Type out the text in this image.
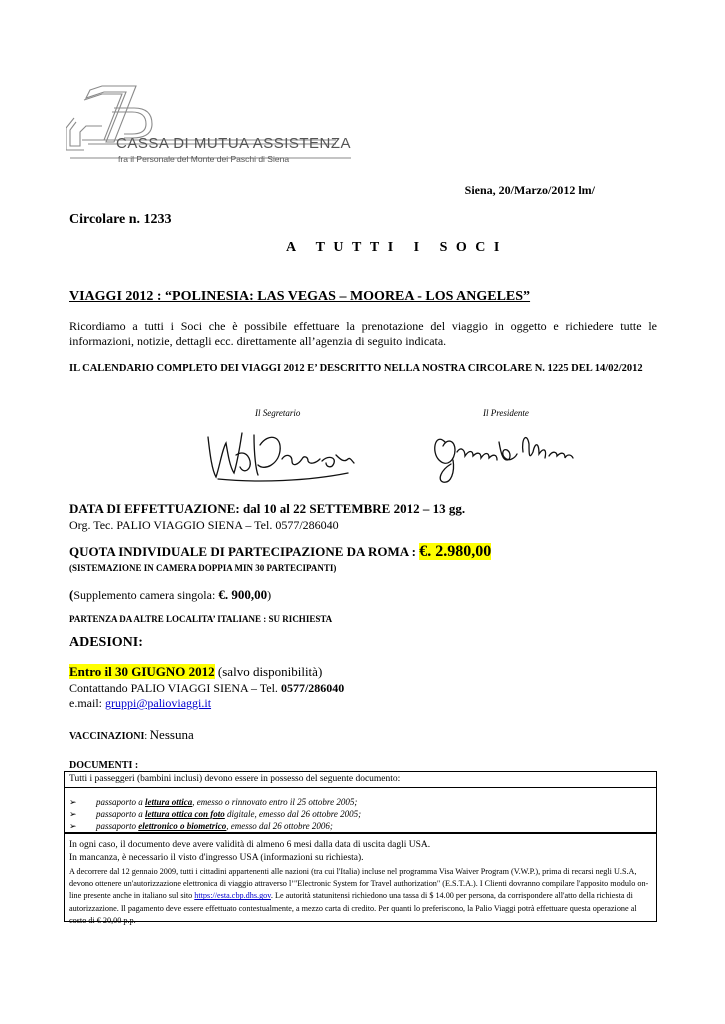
CASSA DI MUTUA ASSISTENZA
fra il Personale del Monte dei Paschi di Siena
Siena, 20/Marzo/2012 lm/
Circolare n. 1233
A TUTTI I SOCI
VIAGGI 2012 : “POLINESIA: LAS VEGAS – MOOREA - LOS ANGELES”
Ricordiamo a tutti i Soci che è possibile effettuare la prenotazione del viaggio in oggetto e richiedere tutte le informazioni, notizie, dettagli ecc. direttamente all’agenzia di seguito indicata.
IL CALENDARIO COMPLETO DEI VIAGGI 2012 E’ DESCRITTO NELLA NOSTRA CIRCOLARE N. 1225 DEL 14/02/2012
Il Segretario	Il Presidente
DATA DI EFFETTUAZIONE: dal 10 al 22 SETTEMBRE 2012 – 13 gg.
Org. Tec. PALIO VIAGGIO SIENA – Tel. 0577/286040
QUOTA INDIVIDUALE DI PARTECIPAZIONE DA ROMA : €. 2.980,00
(SISTEMAZIONE IN CAMERA DOPPIA MIN 30 PARTECIPANTI)
(Supplemento camera singola: €. 900,00)
PARTENZA DA ALTRE LOCALITA’ ITALIANE : SU RICHIESTA
ADESIONI:
Entro il 30 GIUGNO 2012 (salvo disponibilità)
Contattando PALIO VIAGGI SIENA – Tel. 0577/286040
e.mail: gruppi@palioviaggi.it
VACCINAZIONI: Nessuna
DOCUMENTI :
Tutti i passeggeri (bambini inclusi) devono essere in possesso del seguente documento:
➢ passaporto a lettura ottica, emesso o rinnovato entro il 25 ottobre 2005;
➢ passaporto a lettura ottica con foto digitale, emesso dal 26 ottobre 2005;
➢ passaporto elettronico o biometrico, emesso dal 26 ottobre 2006;
In ogni caso, il documento deve avere validità di almeno 6 mesi dalla data di uscita dagli USA.
In mancanza, è necessario il visto d'ingresso USA (informazioni su richiesta).
A decorrere dal 12 gennaio 2009, tutti i cittadini appartenenti alle nazioni (tra cui l'Italia) incluse nel programma Visa Waiver Program (V.W.P.), prima di recarsi negli U.S.A, devono ottenere un'autorizzazione elettronica di viaggio attraverso l’"Electronic System for Travel authorization" (E.S.T.A.). I Clienti dovranno compilare l'apposito modulo on-line presente anche in italiano sul sito https://esta.cbp.dhs.gov. Le autorità statunitensi richiedono una tassa di $ 14.00 per persona, da corrispondere all'atto della richiesta di autorizzazione. Il pagamento deve essere effettuato contestualmente, a mezzo carta di credito. Per quanti lo preferiscono, la Palio Viaggi potrà effettuare questa operazione al costo di € 20,00 p.p.
